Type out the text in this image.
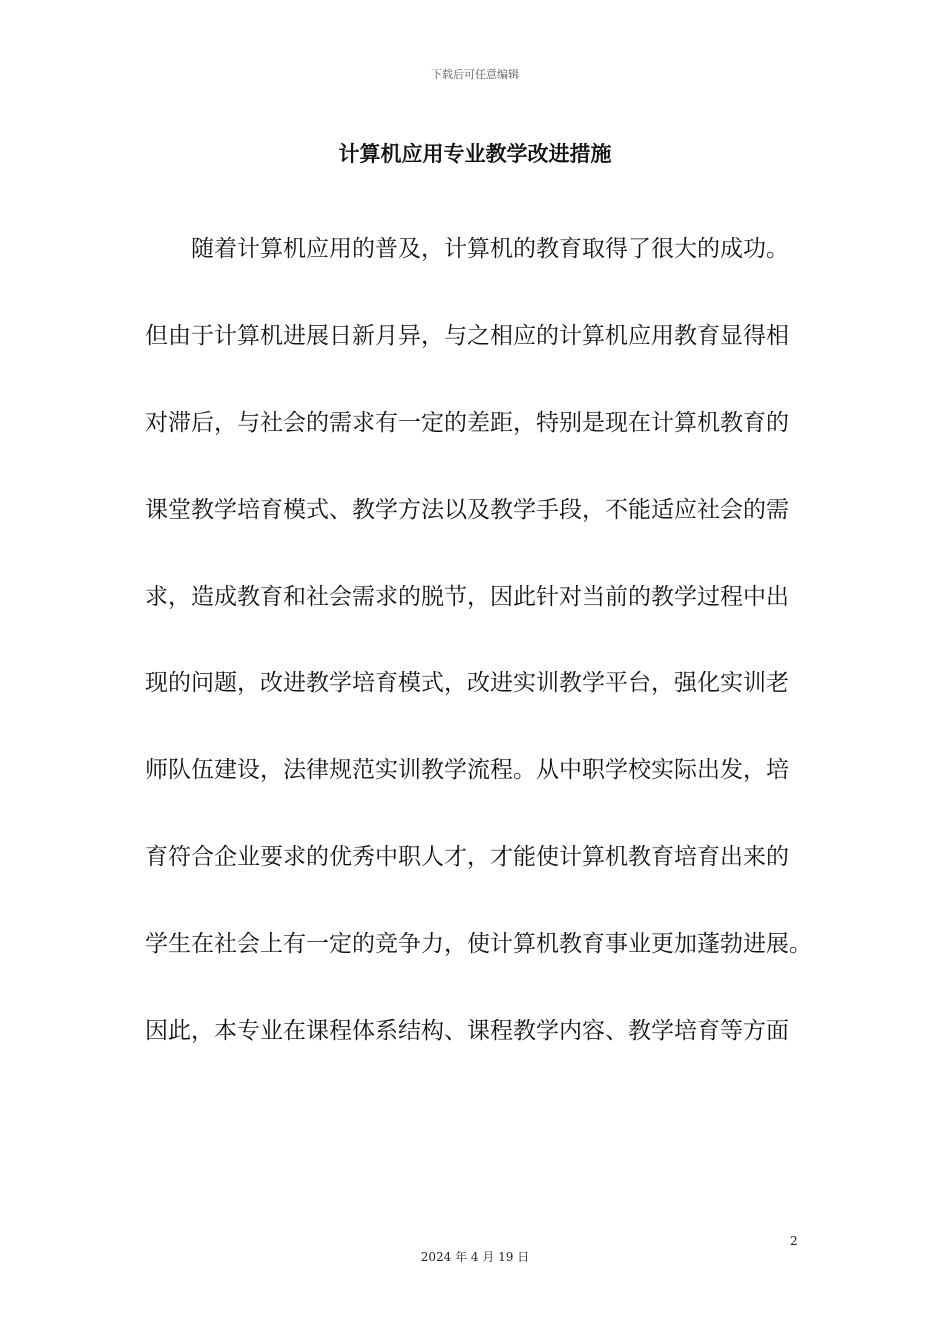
下载后可任意编辑
计算机应用专业教学改进措施
随着计算机应用的普及，计算机的教育取得了很大的成功。
但由于计算机进展日新月异，与之相应的计算机应用教育显得相
对滞后，与社会的需求有一定的差距，特别是现在计算机教育的
课堂教学培育模式、教学方法以及教学手段，不能适应社会的需
求，造成教育和社会需求的脱节，因此针对当前的教学过程中出
现的问题，改进教学培育模式，改进实训教学平台，强化实训老
师队伍建设，法律规范实训教学流程。从中职学校实际出发，培
育符合企业要求的优秀中职人才，才能使计算机教育培育出来的
学生在社会上有一定的竞争力，使计算机教育事业更加蓬勃进展。
因此，本专业在课程体系结构、课程教学内容、教学培育等方面
2
2024 年 4 月 19 日
